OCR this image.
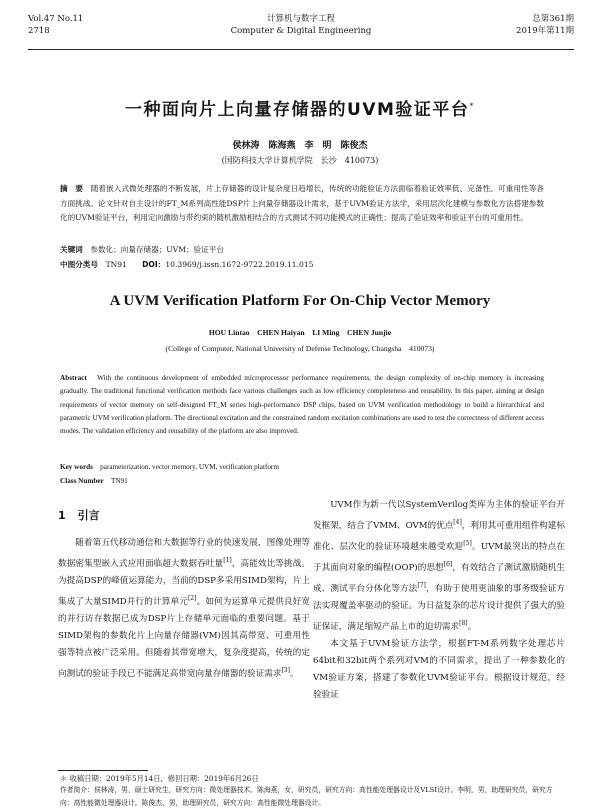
Vol.47 No.11
2718
计算机与数字工程
Computer & Digital Engineering
总第361期
2019年第11期
一种面向片上向量存储器的UVM验证平台*
侯林涛　陈海燕　李　明　陈俊杰
(国防科技大学计算机学院　长沙　410073)
摘　要　 随着嵌入式微处理器的不断发展，片上存储器的设计复杂度日趋增长，传统的功能验证方法面临着验证效率低、完备性、可重用性等各方面挑战。论文针对自主设计的FT_M系列高性能DSP片上向量存储器设计需求，基于UVM验证方法学，采用层次化建模与参数化方法搭建参数化的UVM验证平台，利用定向激励与带约束的随机激励相结合的方式测试不同功能模式的正确性；提高了验证效率和验证平台的可重用性。
关键词　 参数化；向量存储器；UVM；验证平台
中图分类号　 TN91　　 DOI：10.3969/j.issn.1672-9722.2019.11.015
A UVM Verification Platform For On-Chip Vector Memory
HOU Lintao　CHEN Haiyan　LI Ming　CHEN Junjie
(College of Computer, National University of Defense Technology, Changsha　410073)
Abstract　 With the continuous development of embedded microprocessor performance requirements, the design complexity of on-chip memory is increasing gradually. The traditional functional verification methods face various challenges such as low efficiency completeness and reusability. In this paper, aiming at design requirements of vector memory on self-designed FT_M series high-performance DSP chips, based on UVM verification methodology to build a hierarchical and parametric UVM verification platform. The directional excitation and the constrained random excitation combinations are used to test the correctness of different access modes. The validation efficiency and reusability of the platform are also improved.
Key words　 parameterization, vector memory, UVM, verification platform
Class Number　 TN91
1 引言
随着第五代移动通信和大数据等行业的快速发展，图像处理等数据密集型嵌入式应用面临超大数据吞吐量[1]，高能效比等挑战。为提高DSP的峰值运算能力，当前的DSP多采用SIMD架构，片上集成了大量SIMD并行的计算单元[2]。如何为运算单元提供良好宽的并行访存数据已成为DSP片上存储单元面临的重要问题。基于SIMD架构的参数化片上向量存储器(VM)因其高带宽、可重用性强等特点被广泛采用。但随着其带宽增大，复杂度提高，传统的定向测试的验证手段已不能满足高带宽向量存储器的验证需求[3]。
UVM作为新一代以SystemVerilog类库为主体的验证平台开发框架，结合了VMM、OVM的优点[4]，利用其可重用组件构建标准化、层次化的验证环境越来越受欢迎[5]。UVM最突出的特点在于其面向对象的编程(OOP)的思想[6]，有效结合了测试激励随机生成、测试平台分体化等方法[7]，有助于使用更油象的事务级验证方法实现覆盖率驱动的验证。为日益复杂的芯片设计提供了强大的验证保证，满足缩短产品上市的迫切需求[8]。
本文基于UVM验证方法学，根据FT-M系列数字处理芯片64bit和32bit两个系列对VM的不同需求，提出了一种参数化的VM验证方案，搭建了参数化UVM验证平台。根据设计规范，经验验证
＊ 收稿日期：2019年5月14日，修回日期：2019年6月26日
作者简介：侯林涛，男，硕士研究生，研究方向：微处理器技术。陈海燕，女，研究员，研究方向：高性能处理器设计及VLSI设计。李明，男，助理研究员，研究方向：高性能微处理器设计。陈俊杰，男，助理研究员，研究方向：高性能微处理器设计。
